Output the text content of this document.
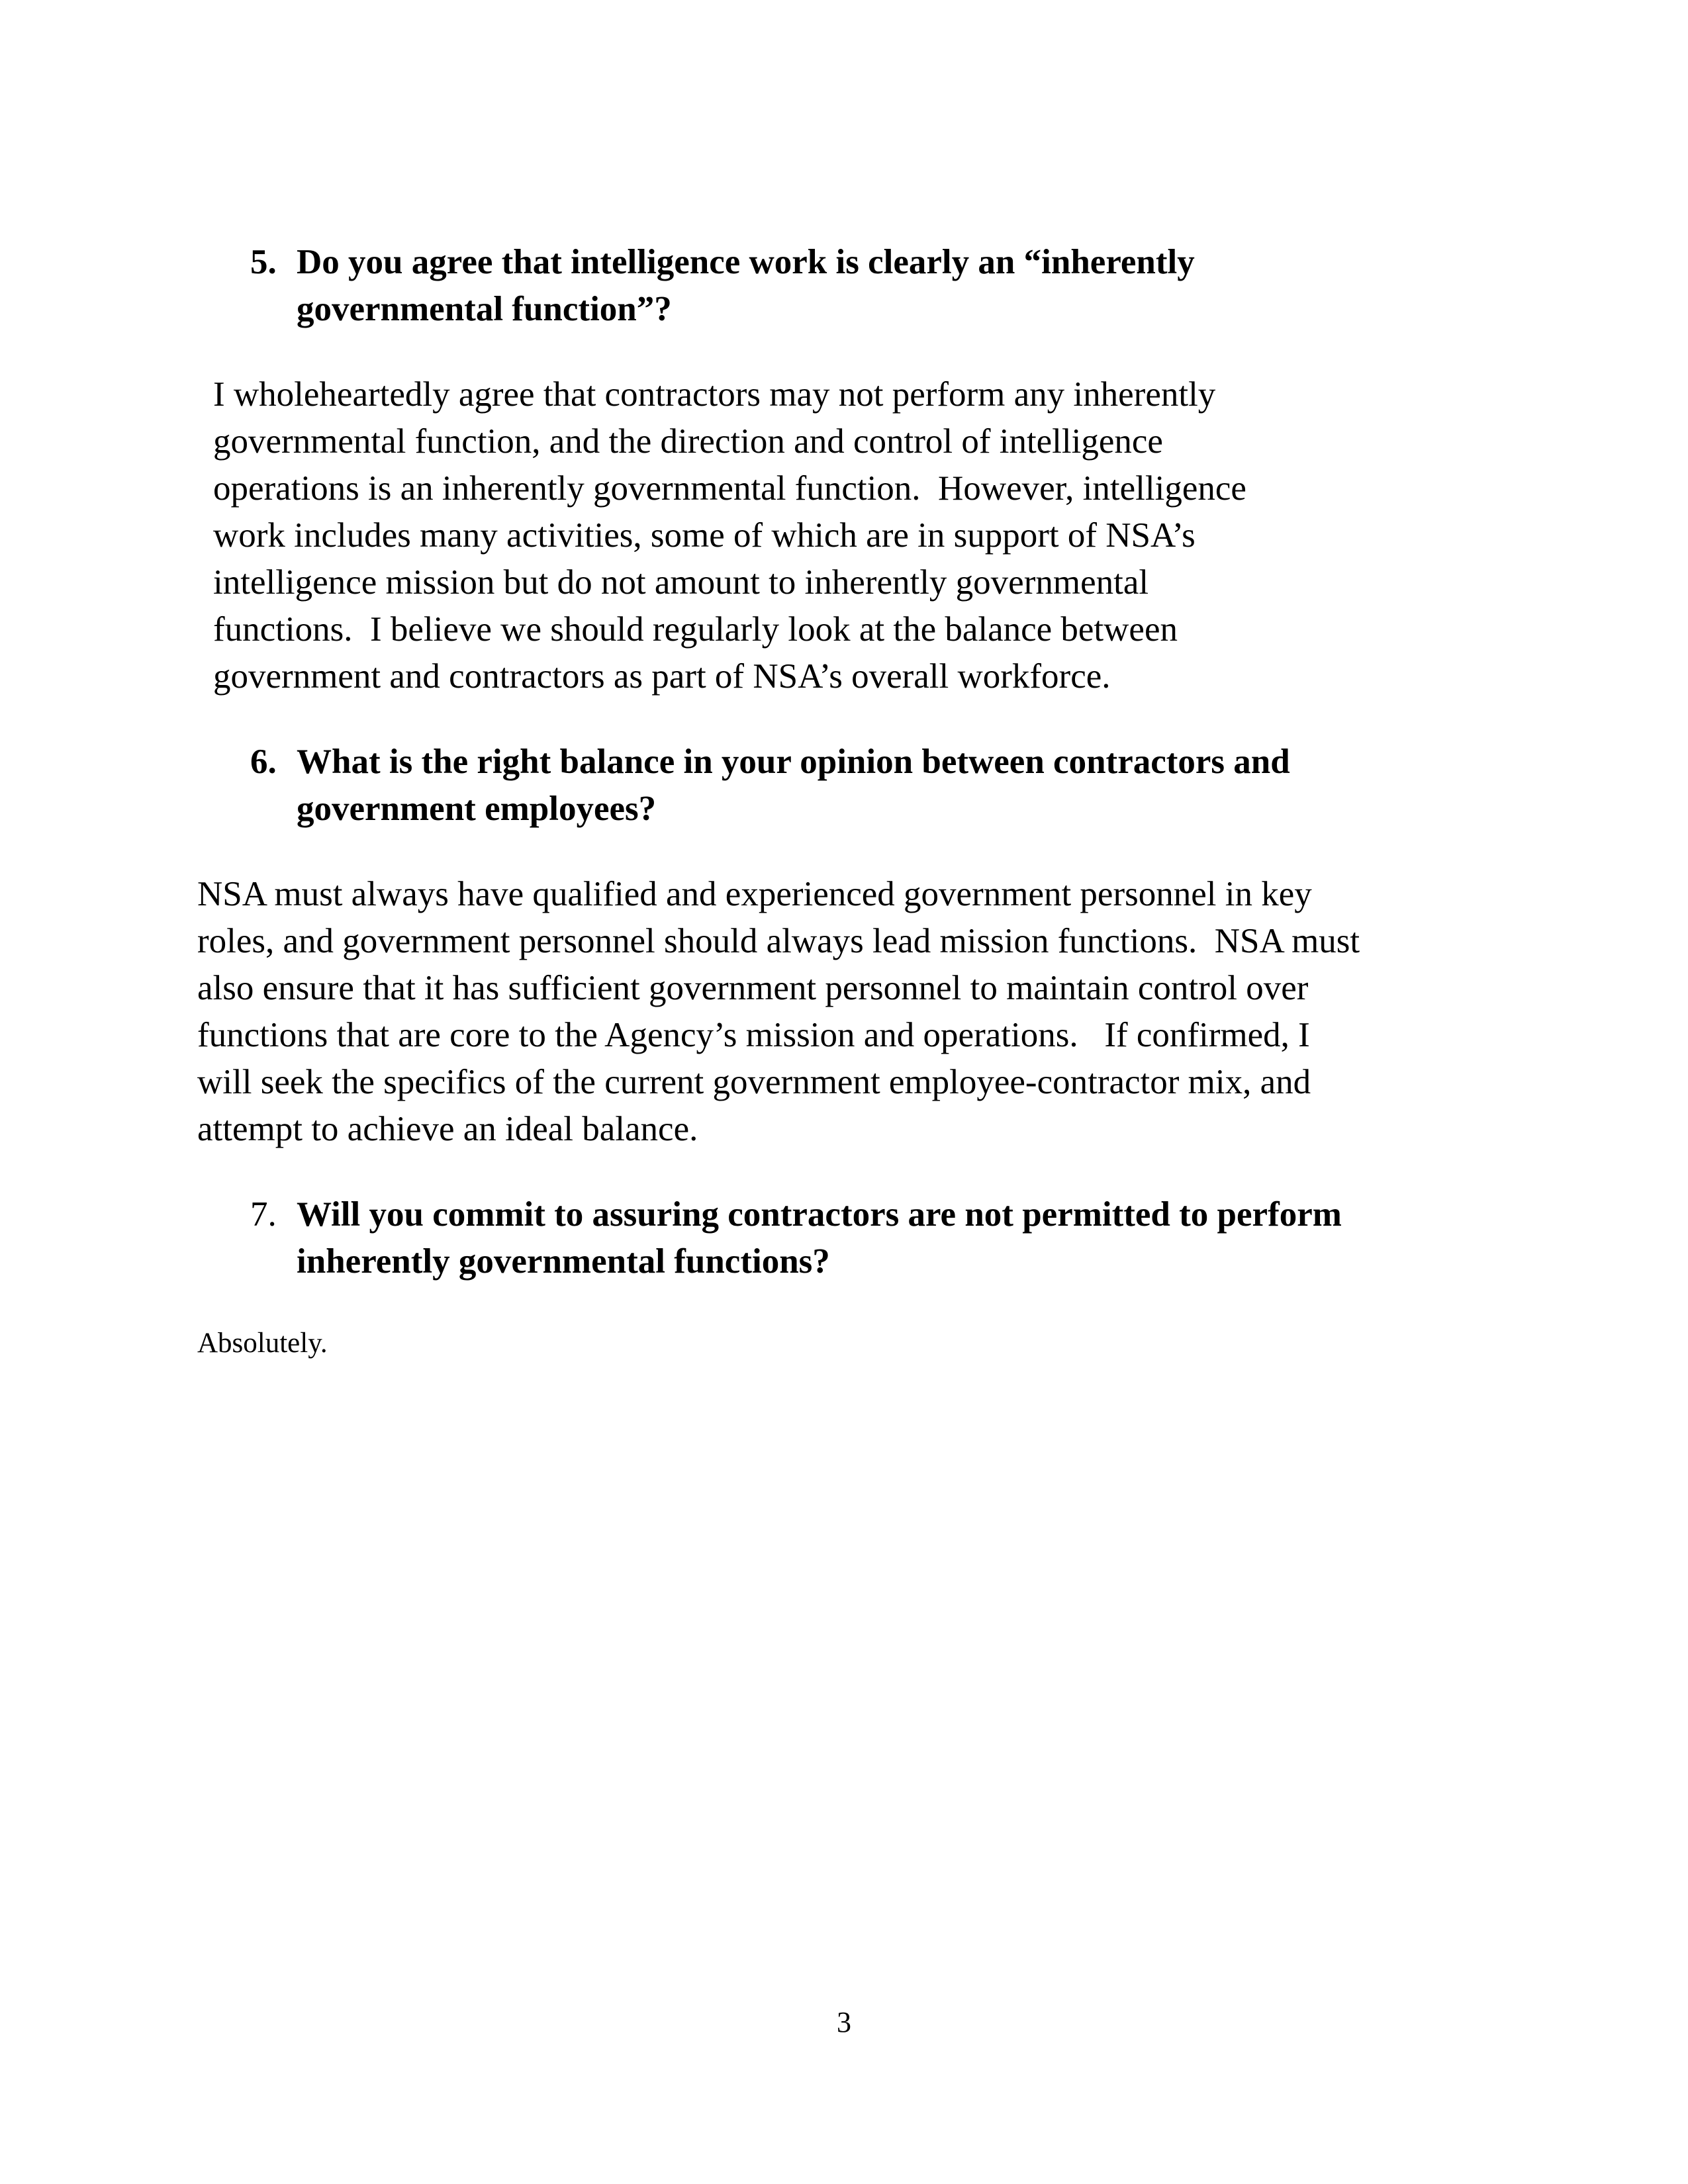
5. Do you agree that intelligence work is clearly an “inherently
governmental function”?
I wholeheartedly agree that contractors may not perform any inherently
governmental function, and the direction and control of intelligence
operations is an inherently governmental function.  However, intelligence
work includes many activities, some of which are in support of NSA’s
intelligence mission but do not amount to inherently governmental
functions.  I believe we should regularly look at the balance between
government and contractors as part of NSA’s overall workforce.
6. What is the right balance in your opinion between contractors and
government employees?
NSA must always have qualified and experienced government personnel in key
roles, and government personnel should always lead mission functions.  NSA must
also ensure that it has sufficient government personnel to maintain control over
functions that are core to the Agency’s mission and operations.   If confirmed, I
will seek the specifics of the current government employee-contractor mix, and
attempt to achieve an ideal balance.
7. Will you commit to assuring contractors are not permitted to perform
inherently governmental functions?
Absolutely.
3
